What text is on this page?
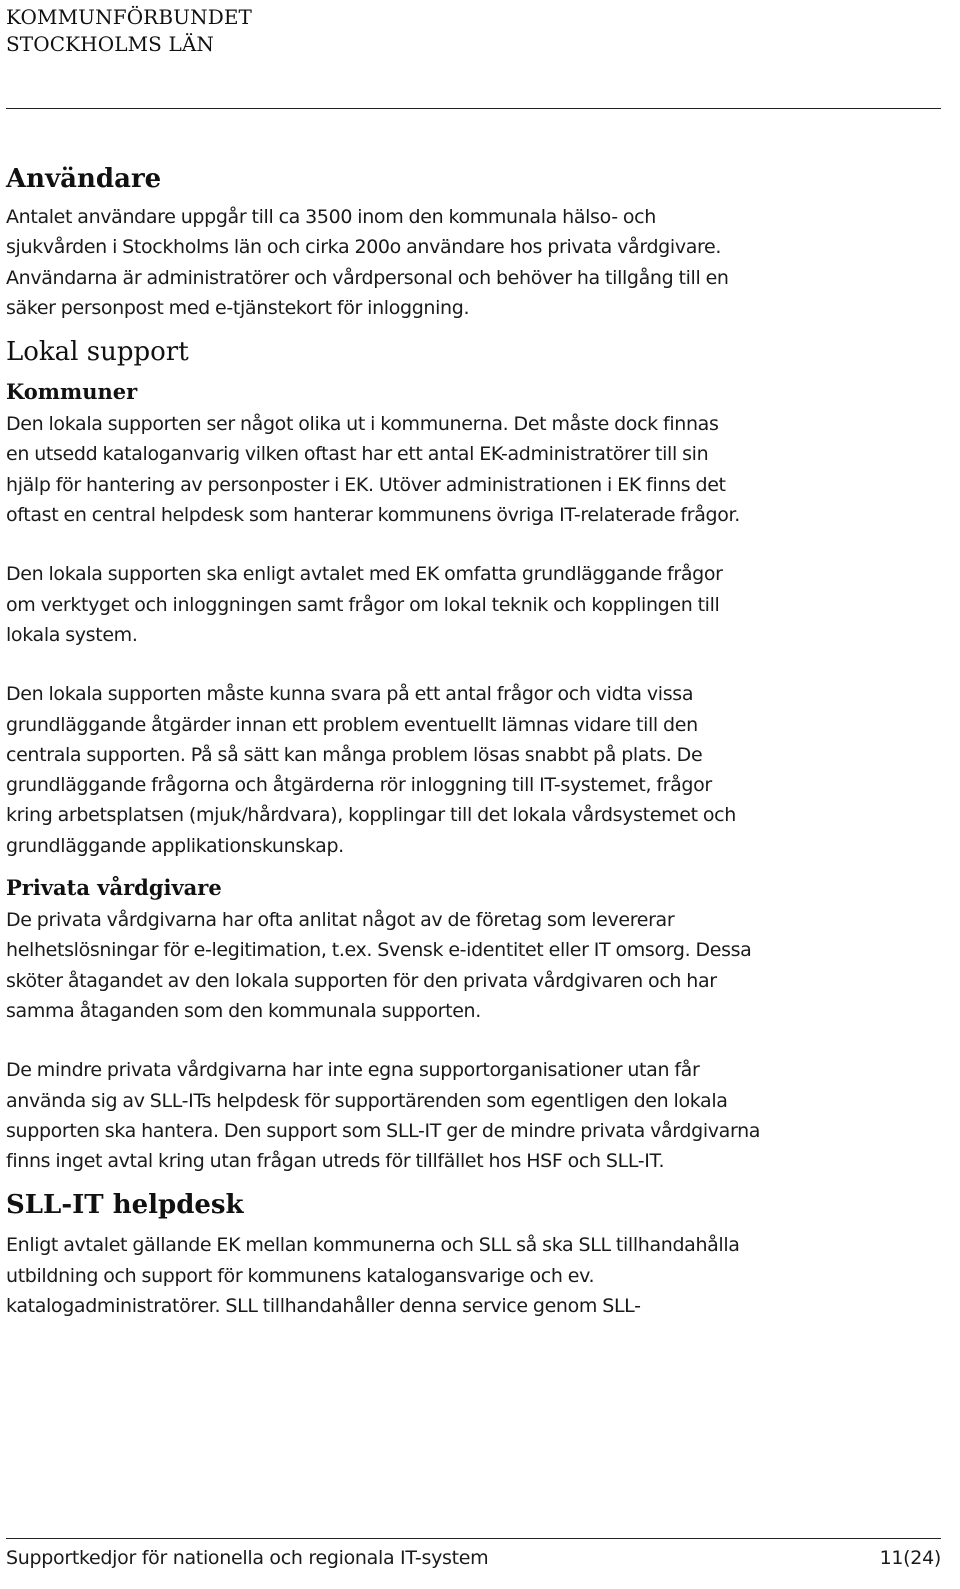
KOMMUNFÖRBUNDET
STOCKHOLMS LÄN
Användare

Antalet användare uppgår till ca 3500 inom den kommunala hälso- och sjukvården i Stockholms län och cirka 200o användare hos privata vårdgivare. Användarna är administratörer och vårdpersonal och behöver ha tillgång till en säker personpost med e-tjänstekort för inloggning.

Lokal support
Kommuner

Den lokala supporten ser något olika ut i kommunerna. Det måste dock finnas en utsedd kataloganvarig vilken oftast har ett antal EK-administratörer till sin hjälp för hantering av personposter i EK. Utöver administrationen i EK finns det oftast en central helpdesk som hanterar kommunens övriga IT-relaterade frågor.

Den lokala supporten ska enligt avtalet med EK omfatta grundläggande frågor om verktyget och inloggningen samt frågor om lokal teknik och kopplingen till lokala system.

Den lokala supporten måste kunna svara på ett antal frågor och vidta vissa grundläggande åtgärder innan ett problem eventuellt lämnas vidare till den centrala supporten. På så sätt kan många problem lösas snabbt på plats. De grundläggande frågorna och åtgärderna rör inloggning till IT-systemet, frågor kring arbetsplatsen (mjuk/hårdvara), kopplingar till det lokala vårdsystemet och grundläggande applikationskunskap.

Privata vårdgivare

De privata vårdgivarna har ofta anlitat något av de företag som levererar helhetslösningar för e-legitimation, t.ex. Svensk e-identitet eller IT omsorg. Dessa sköter åtagandet av den lokala supporten för den privata vårdgivaren och har samma åtaganden som den kommunala supporten.

De mindre privata vårdgivarna har inte egna supportorganisationer utan får använda sig av SLL-ITs helpdesk för supportärenden som egentligen den lokala supporten ska hantera. Den support som SLL-IT ger de mindre privata vårdgivarna finns inget avtal kring utan frågan utreds för tillfället hos HSF och SLL-IT.

SLL-IT helpdesk

Enligt avtalet gällande EK mellan kommunerna och SLL så ska SLL tillhandahålla utbildning och support för kommunens katalogansvarige och ev. katalogadministratörer. SLL tillhandahåller denna service genom SLL-

Supportkedjor för nationella och regionala IT-system	11(24)
